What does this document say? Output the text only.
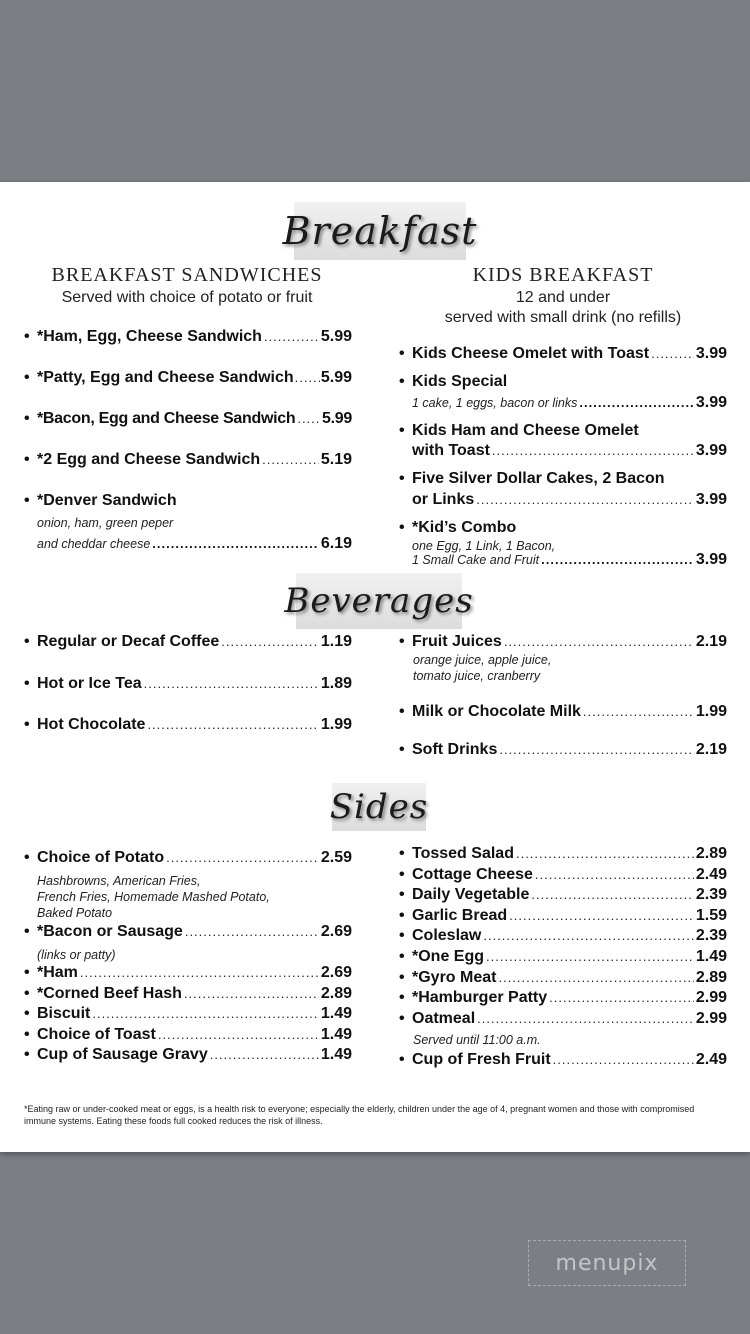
Breakfast
BREAKFAST SANDWICHES
Served with choice of potato or fruit
KIDS BREAKFAST
12 and under
served with small drink (no refills)
• *Ham, Egg, Cheese Sandwich .....	5.99
• *Patty, Egg and Cheese Sandwich ..... 5.99
• *Bacon, Egg and Cheese Sandwich ..... 5.99
• *2 Egg and Cheese Sandwich .....	5.19
• *Denver Sandwich
onion, ham, green peper
and cheddar cheese .....	6.19
• Kids Cheese Omelet with Toast .....	3.99
• Kids Special
1 cake, 1 eggs, bacon or links .....	3.99
• Kids Ham and Cheese Omelet
with Toast .....	3.99
• Five Silver Dollar Cakes, 2 Bacon
or Links .....	3.99
• *Kid’s Combo
one Egg, 1 Link, 1 Bacon,
1 Small Cake and Fruit .....	3.99
Beverages
• Regular or Decaf Coffee .....	1.19
• Hot or Ice Tea .....	1.89
• Hot Chocolate .....	1.99
• Fruit Juices .....	2.19
orange juice, apple juice,
tomato juice, cranberry
• Milk or Chocolate Milk .....	1.99
• Soft Drinks .....	2.19
Sides
• Choice of Potato .....	2.59
Hashbrowns, American Fries,
French Fries, Homemade Mashed Potato,
Baked Potato
• *Bacon or Sausage .....	2.69
(links or patty)
• *Ham .....	2.69
• *Corned Beef Hash .....	2.89
• Biscuit .....	1.49
• Choice of Toast .....	1.49
• Cup of Sausage Gravy .....	1.49
• Tossed Salad .....	2.89
• Cottage Cheese .....	2.49
• Daily Vegetable .....	2.39
• Garlic Bread .....	1.59
• Coleslaw .....	2.39
• *One Egg .....	1.49
• *Gyro Meat .....	2.89
• *Hamburger Patty .....	2.99
• Oatmeal .....	2.99
Served until 11:00 a.m.
• Cup of Fresh Fruit .....	2.49
*Eating raw or under-cooked meat or eggs, is a health risk to everyone; especially the elderly, children under the age of 4, pregnant women and those with compromised immune systems. Eating these foods full cooked reduces the risk of illness.
menupix
